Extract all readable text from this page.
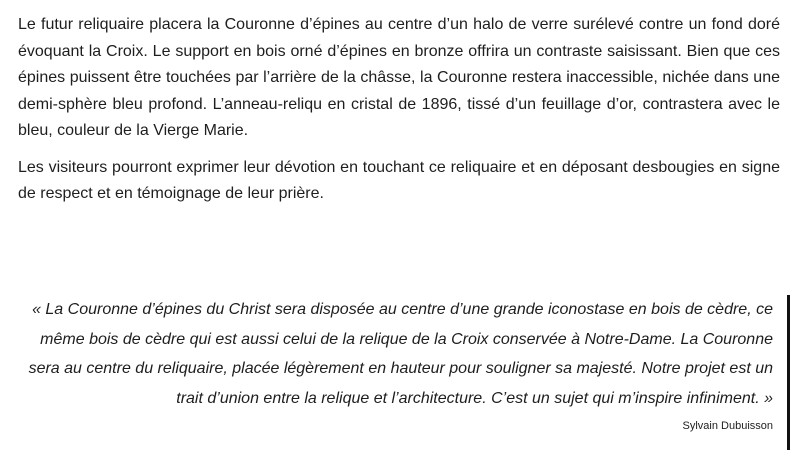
Le futur reliquaire placera la Couronne d’épines au centre d’un halo de verre surélevé contre un fond doré évoquant la Croix. Le support en bois orné d’épines en bronze offrira un contraste saisissant. Bien que ces épines puissent être touchées par l’arrière de la châsse, la Couronne restera inaccessible, nichée dans une demi-sphère bleu profond. L’anneau-reliqu en cristal de 1896, tissé d’un feuillage d’or, contrastera avec le bleu, couleur de la Vierge Marie.

Les visiteurs pourront exprimer leur dévotion en touchant ce reliquaire et en déposant desbougies en signe de respect et en témoignage de leur prière.

« La Couronne d’épines du Christ sera disposée au centre d’une grande iconostase en bois de cèdre, ce même bois de cèdre qui est aussi celui de la relique de la Croix conservée à Notre-Dame. La Couronne sera au centre du reliquaire, placée légèrement en hauteur pour souligner sa majesté. Notre projet est un trait d’union entre la relique et l’architecture. C’est un sujet qui m’inspire infiniment. »

Sylvain Dubuisson
